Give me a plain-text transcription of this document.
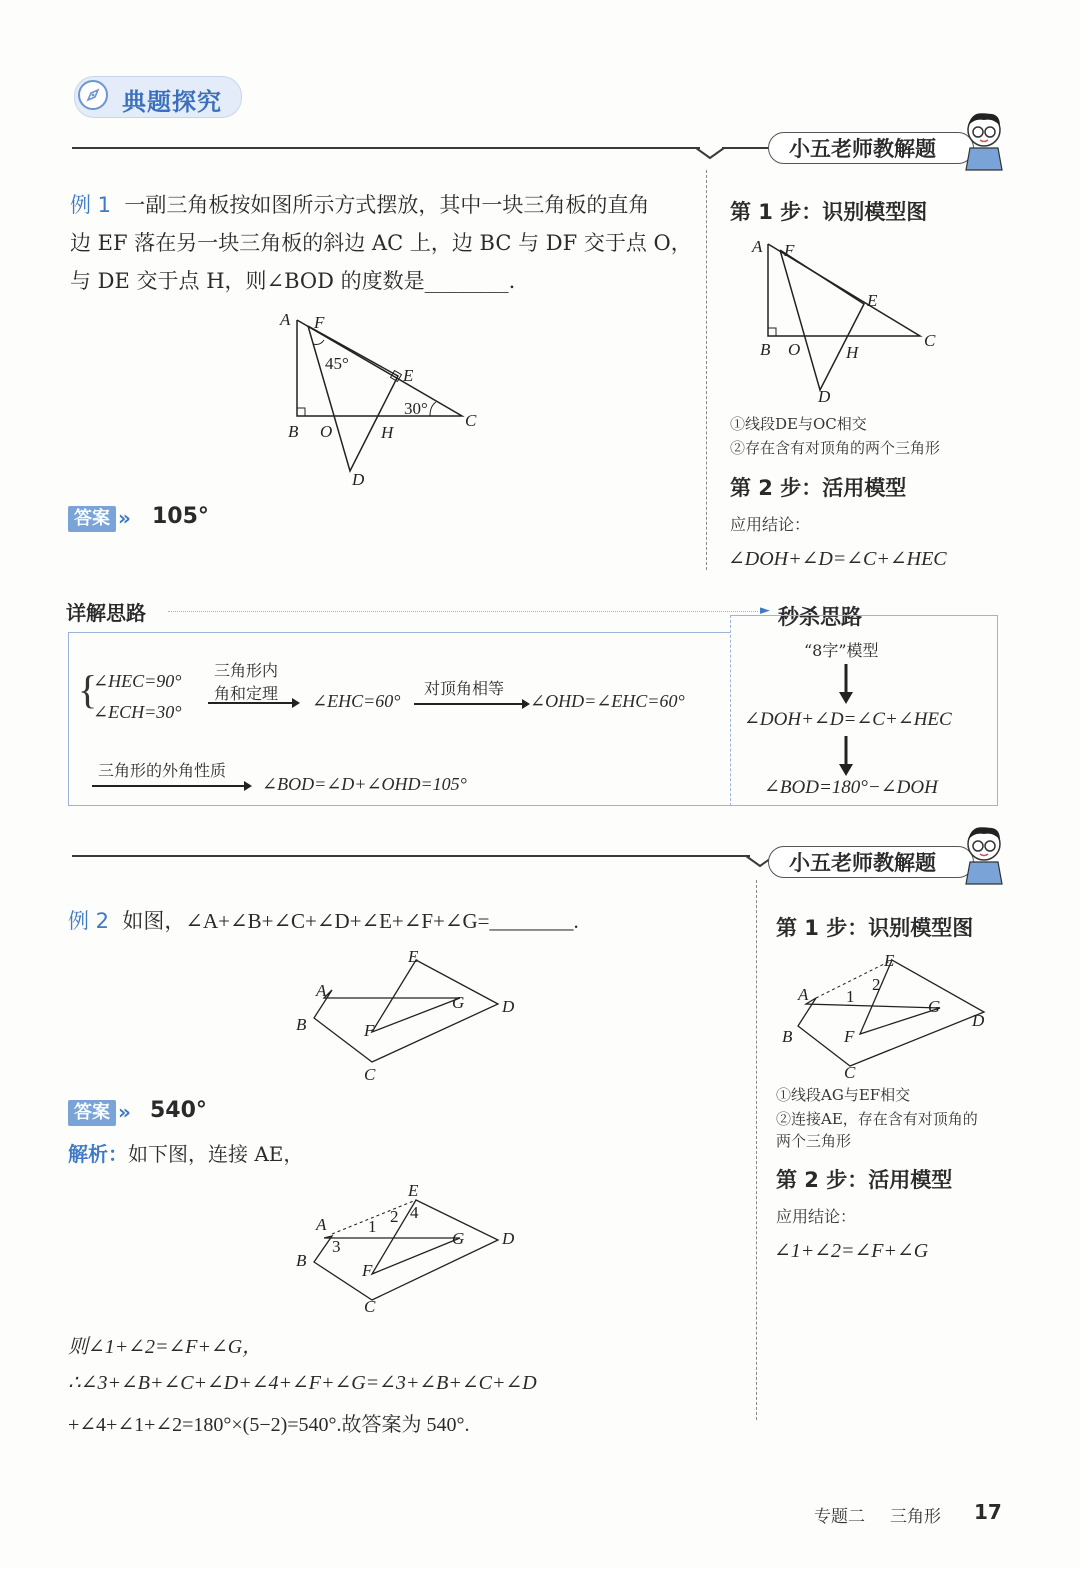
典题探究
小五老师教解题
例 1 一副三角板按如图所示方式摆放，其中一块三角板的直角
边 EF 落在另一块三角板的斜边 AC 上，边 BC 与 DF 交于点 O，
与 DE 交于点 H，则∠BOD 的度数是________.
A F
E
C
B O	H
D
45°
30°
答案 » 105°
第 1 步：识别模型图
A F
E
C
B O	H
D
①线段DE与OC相交
②存在含有对顶角的两个三角形
第 2 步：活用模型
应用结论：
∠DOH+∠D=∠C+∠HEC
详解思路	► 秒杀思路
{
∠HEC=90°
∠ECH=30°
三角形内
角和定理 ∠EHC=60°
对顶角相等
∠OHD=∠EHC=60°
三角形的外角性质
∠BOD=∠D+∠OHD=105°
“8字”模型
∠DOH+∠D=∠C+∠HEC
∠BOD=180°−∠DOH
小五老师教解题
例 2 如图，∠A+∠B+∠C+∠D+∠E+∠F+∠G=________.
E
A
G D
B	F
C
答案 » 540°
解析：如下图，连接 AE，
E
A
G D
B
F
C
1
2
3
4
则∠1+∠2=∠F+∠G，
∴∠3+∠B+∠C+∠D+∠4+∠F+∠G=∠3+∠B+∠C+∠D
+∠4+∠1+∠2=180°×(5−2)=540°.故答案为 540°.
第 1 步：识别模型图
E
A
G
D
B	F
C
1
2
①线段AG与EF相交
②连接AE，存在含有对顶角的
两个三角形
第 2 步：活用模型
应用结论：
∠1+∠2=∠F+∠G
专题二 三角形 17
